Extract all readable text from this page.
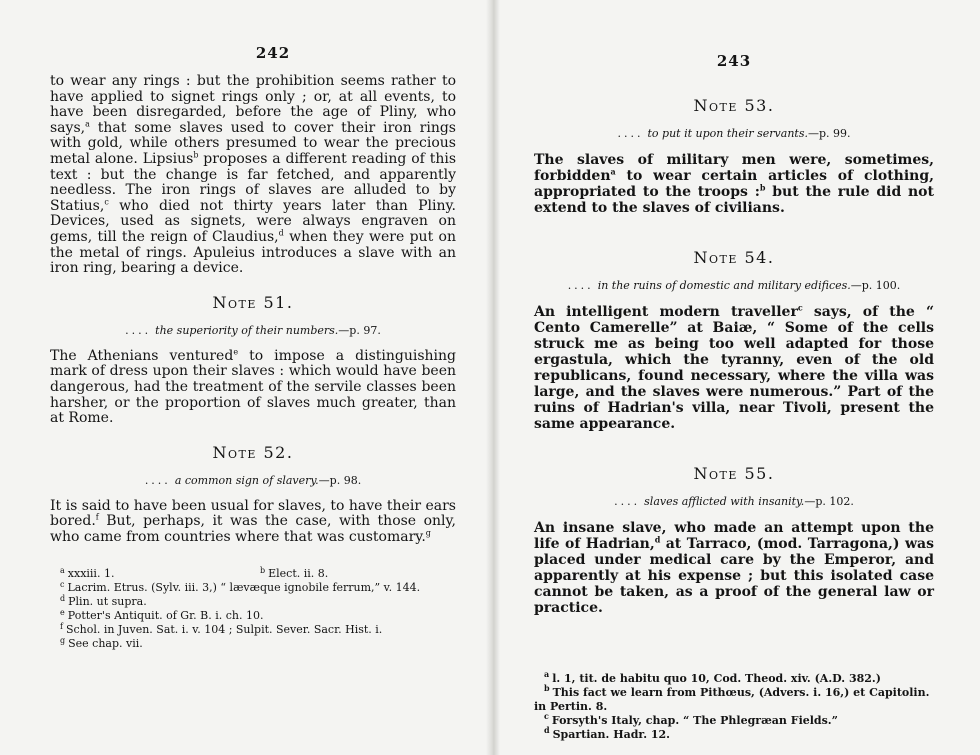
242

to wear any rings : but the prohibition seems rather to have applied to signet rings only ; or, at all events, to have been disregarded, before the age of Pliny, who says,$^a$ that some slaves used to cover their iron rings with gold, while others presumed to wear the precious metal alone. Lipsius$^b$ proposes a different reading of this text : but the change is far fetched, and apparently needless. The iron rings of slaves are alluded to by Statius,$^c$ who died not thirty years later than Pliny. Devices, used as signets, were always engraven on gems, till the reign of Claudius,$^d$ when they were put on the metal of rings. Apuleius introduces a slave with an iron ring, bearing a device.

Note 51.
.... the superiority of their numbers.—p. 97.

The Athenians ventured$^e$ to impose a distinguishing mark of dress upon their slaves : which would have been dangerous, had the treatment of the servile classes been harsher, or the proportion of slaves much greater, than at Rome.

Note 52.
.... a common sign of slavery.—p. 98.

It is said to have been usual for slaves, to have their ears bored.$^f$ But, perhaps, it was the case, with those only, who came from countries where that was customary.$^g$

$^a$ xxxiii. 1.	$^b$ Elect. ii. 8.

$^c$ Lacrim. Etrus. (Sylv. iii. 3,) “ lævæque ignobile ferrum,” v. 144.

$^d$ Plin. ut supra.

$^e$ Potter's Antiquit. of Gr. B. i. ch. 10.

$^f$ Schol. in Juven. Sat. i. v. 104 ; Sulpit. Sever. Sacr. Hist. i.

$^g$ See chap. vii.

243
Note 53.
.... to put it upon their servants.—p. 99.

The slaves of military men were, sometimes, forbidden$^a$ to wear certain articles of clothing, appropriated to the troops :$^b$ but the rule did not extend to the slaves of civilians.

Note 54.
.... in the ruins of domestic and military edifices.—p. 100.

An intelligent modern traveller$^c$ says, of the “ Cento Camerelle” at Baiæ, “ Some of the cells struck me as being too well adapted for those ergastula, which the tyranny, even of the old republicans, found necessary, where the villa was large, and the slaves were numerous.” Part of the ruins of Hadrian's villa, near Tivoli, present the same appearance.

Note 55.
.... slaves afflicted with insanity.—p. 102.

An insane slave, who made an attempt upon the life of Hadrian,$^d$ at Tarraco, (mod. Tarragona,) was placed under medical care by the Emperor, and apparently at his expense ; but this isolated case cannot be taken, as a proof of the general law or practice.

$^a$ l. 1, tit. de habitu quo 10, Cod. Theod. xiv. (A.D. 382.)

$^b$ This fact we learn from Pithœus, (Advers. i. 16,) et Capitolin. in Pertin. 8.

$^c$ Forsyth's Italy, chap. “ The Phlegræan Fields.”

$^d$ Spartian. Hadr. 12.
